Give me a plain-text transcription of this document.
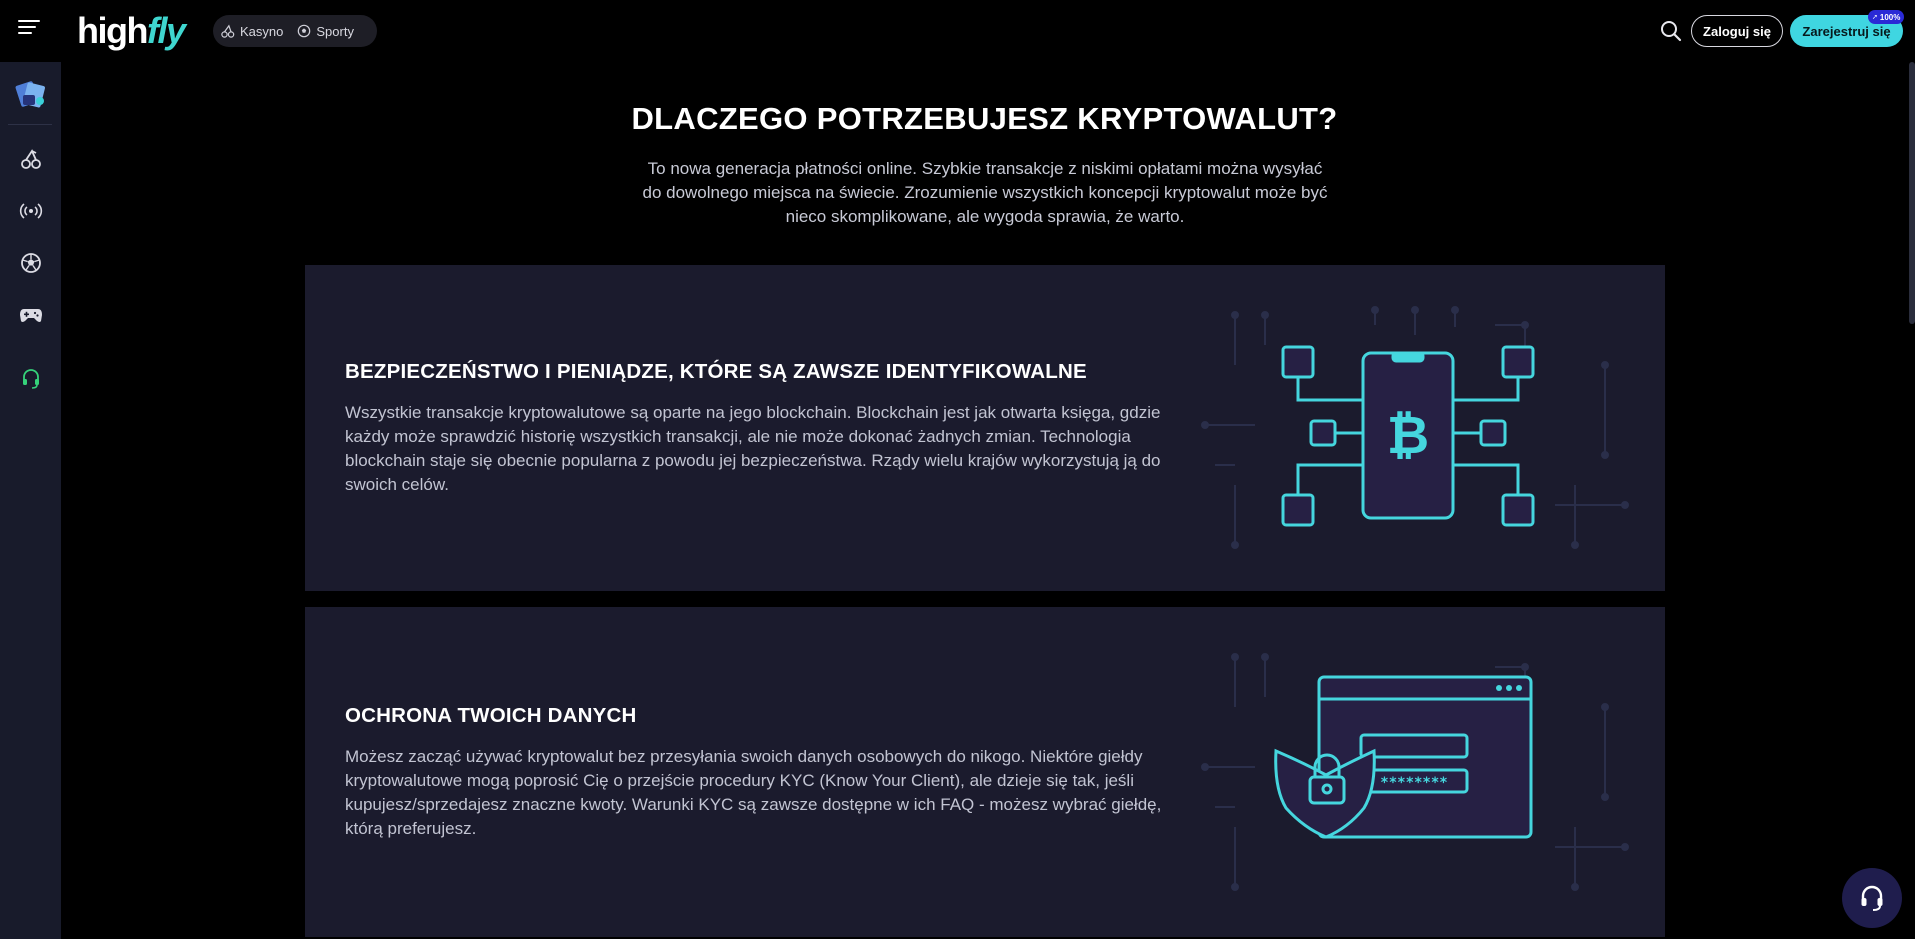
highfly	Kasyno	Sporty	Zaloguj się	Zarejestruj się
➚ 100%
DLACZEGO POTRZEBUJESZ KRYPTOWALUT?

To nowa generacja płatności online. Szybkie transakcje z niskimi opłatami można wysyłać do dowolnego miejsca na świecie. Zrozumienie wszystkich koncepcji kryptowalut może być nieco skomplikowane, ale wygoda sprawia, że warto.

BEZPIECZEŃSTWO I PIENIĄDZE, KTÓRE SĄ ZAWSZE IDENTYFIKOWALNE
Wszystkie transakcje kryptowalutowe są oparte na jego blockchain. Blockchain jest jak otwarta księga, gdzie każdy może sprawdzić historię wszystkich transakcji, ale nie może dokonać żadnych zmian. Technologia blockchain staje się obecnie popularna z powodu jej bezpieczeństwa. Rządy wielu krajów wykorzystują ją do swoich celów.
₿
OCHRONA TWOICH DANYCH
Możesz zacząć używać kryptowalut bez przesyłania swoich danych osobowych do nikogo. Niektóre giełdy kryptowalutowe mogą poprosić Cię o przejście procedury KYC (Know Your Client), ale dzieje się tak, jeśli kupujesz/sprzedajesz znaczne kwoty. Warunki KYC są zawsze dostępne w ich FAQ - możesz wybrać giełdę, którą preferujesz.
********
